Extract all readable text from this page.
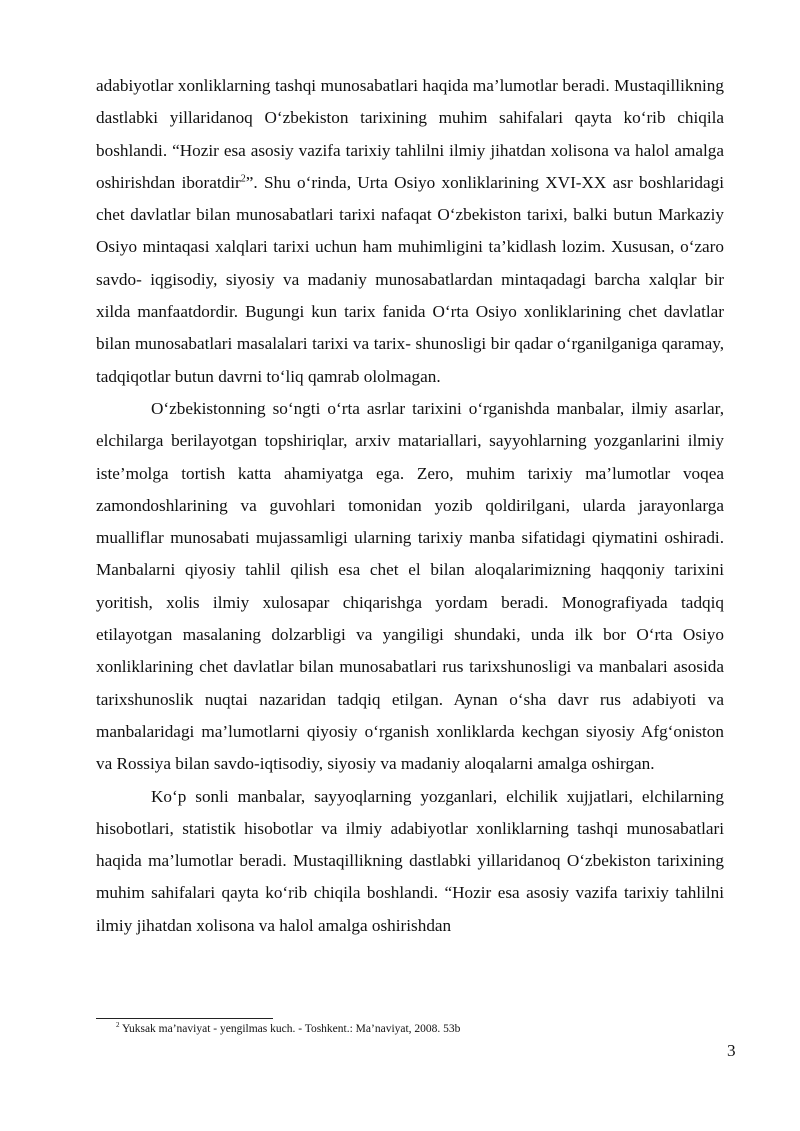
adabiyotlar xonliklarning tashqi munosabatlari haqida ma’lumotlar beradi. Mustaqillikning dastlabki yillaridanoq O‘zbekiston tarixining muhim sahifalari qayta ko‘rib chiqila boshlandi. “Hozir esa asosiy vazifa tarixiy tahlilni ilmiy jihatdan xolisona va halol amalga oshirishdan iboratdir$^2$”. Shu o‘rinda, Urta Osiyo xonliklarining XVI-XX asr boshlaridagi chet davlatlar bilan munosabatlari tarixi nafaqat O‘zbekiston tarixi, balki butun Markaziy Osiyo mintaqasi xalqlari tarixi uchun ham muhimligini ta’kidlash lozim. Xususan, o‘zaro savdo- iqgisodiy, siyosiy va madaniy munosabatlardan mintaqadagi barcha xalqlar bir xilda manfaatdordir. Bugungi kun tarix fanida O‘rta Osiyo xonliklarining chet davlatlar bilan munosabatlari masalalari tarixi va tarix- shunosligi bir qadar o‘rganilganiga qaramay, tadqiqotlar butun davrni to‘liq qamrab ololmagan.

O‘zbekistonning so‘ngti o‘rta asrlar tarixini o‘rganishda manbalar, ilmiy asarlar, elchilarga berilayotgan topshiriqlar, arxiv matariallari, sayyohlarning yozganlarini ilmiy iste’molga tortish katta ahamiyatga ega. Zero, muhim tarixiy ma’lumotlar voqea zamondoshlarining va guvohlari tomonidan yozib qoldirilgani, ularda jarayonlarga mualliflar munosabati mujassamligi ularning tarixiy manba sifatidagi qiymatini oshiradi. Manbalarni qiyosiy tahlil qilish esa chet el bilan aloqalarimizning haqqoniy tarixini yoritish, xolis ilmiy xulosapar chiqarishga yordam beradi. Monografiyada tadqiq etilayotgan masalaning dolzarbligi va yangiligi shundaki, unda ilk bor O‘rta Osiyo xonliklarining chet davlatlar bilan munosabatlari rus tarixshunosligi va manbalari asosida tarixshunoslik nuqtai nazaridan tadqiq etilgan. Aynan o‘sha davr rus adabiyoti va manbalaridagi ma’lumotlarni qiyosiy o‘rganish xonliklarda kechgan siyosiy Afg‘oniston va Rossiya bilan savdo-iqtisodiy, siyosiy va madaniy aloqalarni amalga oshirgan.

Ko‘p sonli manbalar, sayyoqlarning yozganlari, elchilik xujjatlari, elchilarning hisobotlari, statistik hisobotlar va ilmiy adabiyotlar xonliklarning tashqi munosabatlari haqida ma’lumotlar beradi. Mustaqillikning dastlabki yillaridanoq O‘zbekiston tarixining muhim sahifalari qayta ko‘rib chiqila boshlandi. “Hozir esa asosiy vazifa tarixiy tahlilni ilmiy jihatdan xolisona va halol amalga oshirishdan

$^2$ Yuksak ma’naviyat - yengilmas kuch. - Toshkent.: Ma’naviyat, 2008. 53b
3
